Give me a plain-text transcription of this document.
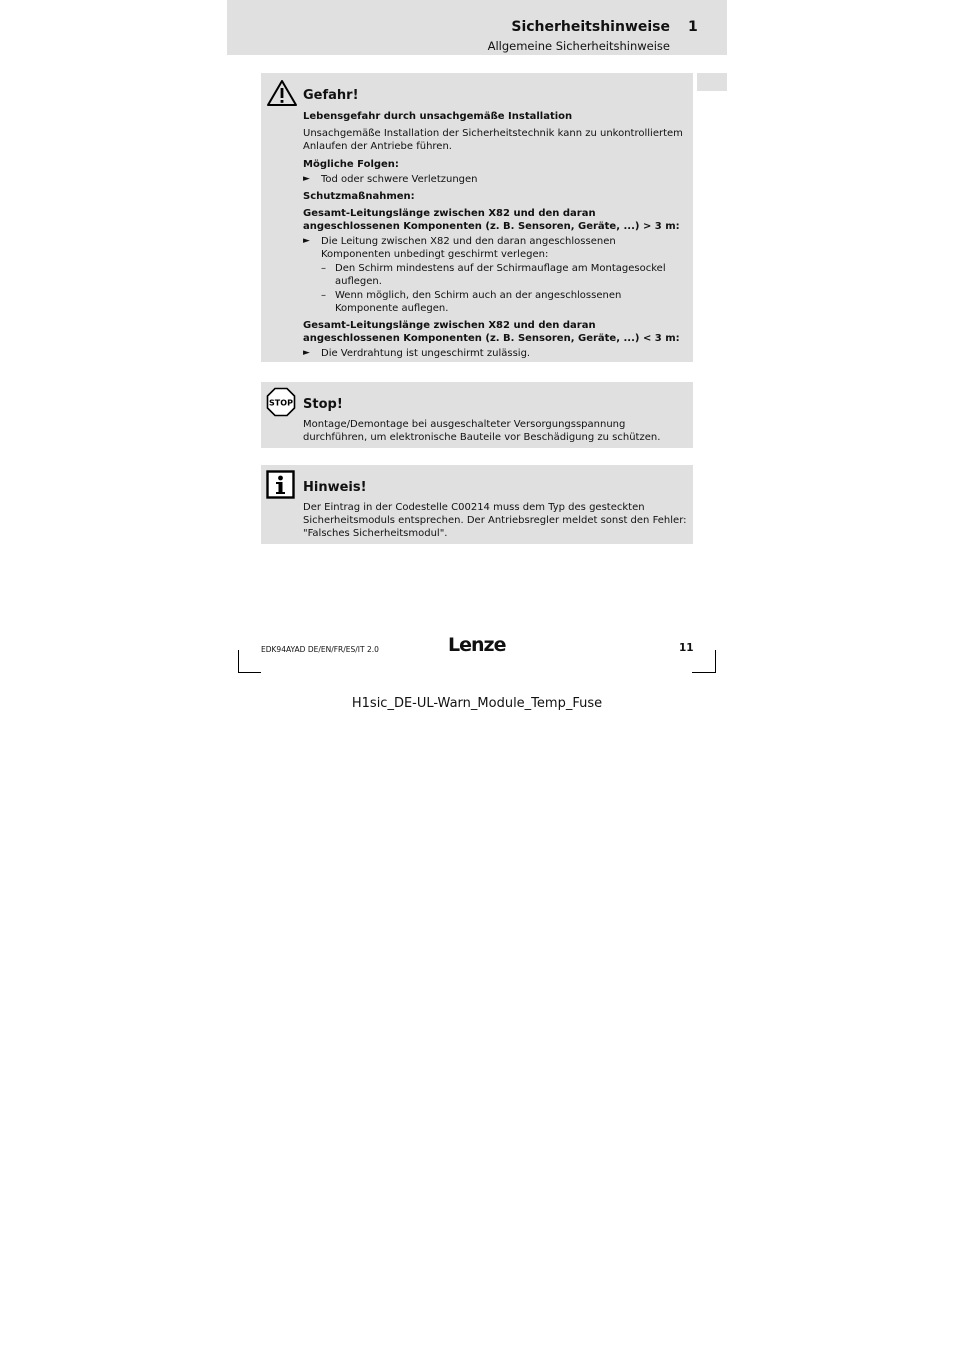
Sicherheitshinweise 1
Allgemeine Sicherheitshinweise

Gefahr!

Lebensgefahr durch unsachgemäße Installation

Unsachgemäße Installation der Sicherheitstechnik kann zu unkontrolliertem Anlaufen der Antriebe führen.

Mögliche Folgen:

►	Tod oder schwere Verletzungen

Schutzmaßnahmen:

Gesamt-Leitungslänge zwischen X82 und den daran angeschlossenen Komponenten (z. B. Sensoren, Geräte, ...) > 3 m:

►	Die Leitung zwischen X82 und den daran angeschlossenen Komponenten unbedingt geschirmt verlegen:
– Den Schirm mindestens auf der Schirmauflage am Montagesockel auflegen.
– Wenn möglich, den Schirm auch an der angeschlossenen Komponente auflegen.

Gesamt-Leitungslänge zwischen X82 und den daran angeschlossenen Komponenten (z. B. Sensoren, Geräte, ...) < 3 m:

►	Die Verdrahtung ist ungeschirmt zulässig.
STOP Stop!

Montage/Demontage bei ausgeschalteter Versorgungsspannung durchführen, um elektronische Bauteile vor Beschädigung zu schützen.

Hinweis!

Der Eintrag in der Codestelle C00214 muss dem Typ des gesteckten Sicherheitsmoduls entsprechen. Der Antriebsregler meldet sonst den Fehler: "Falsches Sicherheitsmodul".

EDK94AYAD DE/EN/FR/ES/IT 2.0	Lenze	11
H1sic_DE-UL-Warn_Module_Temp_Fuse
